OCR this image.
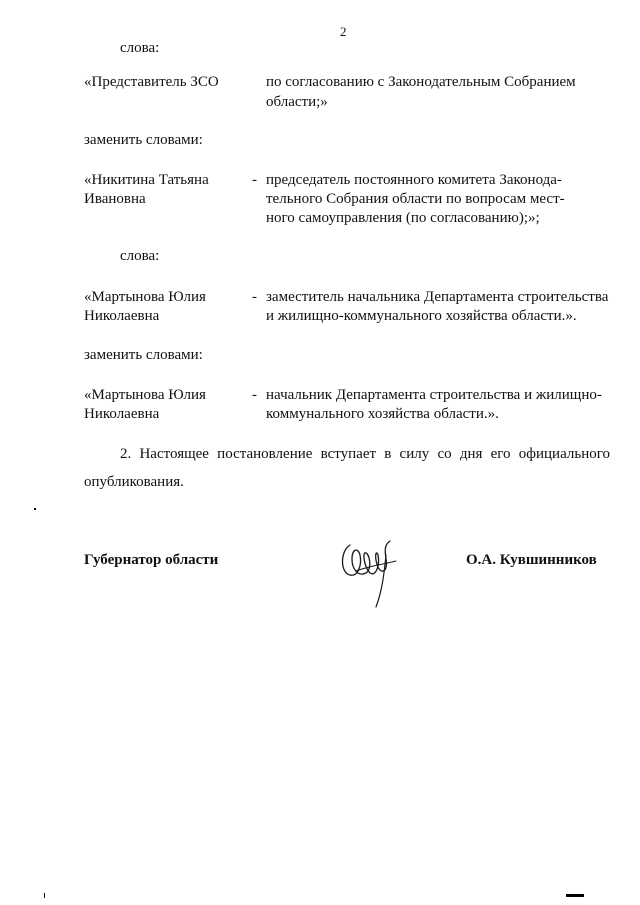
2
слова:
«Представитель ЗСО	по согласованию с Законодательным Собранием
области;»
заменить словами:
«Никитина Татьяна
Ивановна
- председатель постоянного комитета Законода-
тельного Собрания области по вопросам мест-
ного самоуправления (по согласованию);»;
слова:
«Мартынова Юлия
Николаевна
- заместитель начальника Департамента строительства
и жилищно-коммунального хозяйства области.».
заменить словами:
«Мартынова Юлия
Николаевна
- начальник Департамента строительства и жилищно-
коммунального хозяйства области.».
2. Настоящее постановление вступает в силу со дня его официального
опубликования.
Губернатор области	О.А. Кувшинников
